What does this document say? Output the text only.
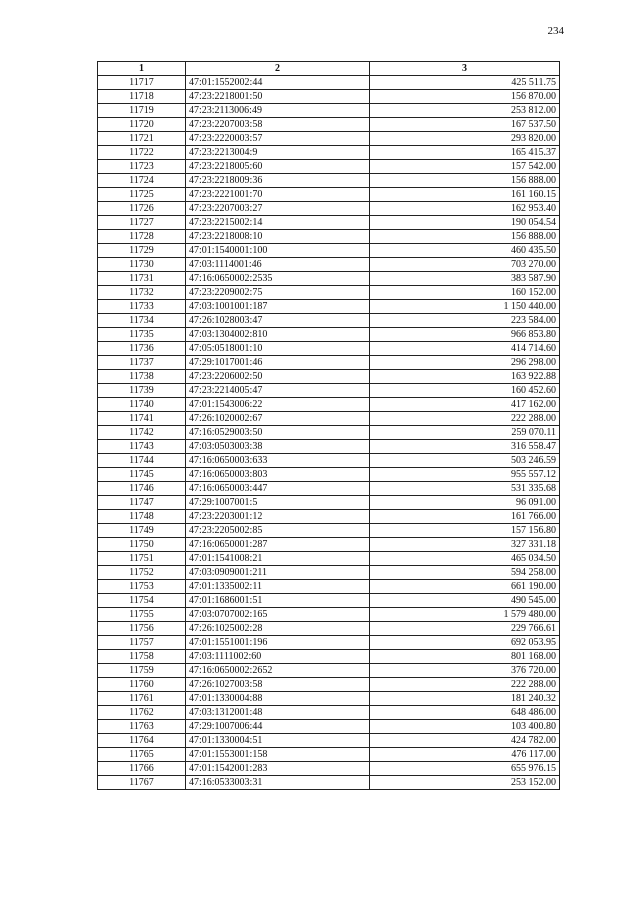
234
1	2	3
11717	47:01:1552002:44	425 511.75
11718	47:23:2218001:50	156 870.00
11719	47:23:2113006:49	253 812.00
11720	47:23:2207003:58	167 537.50
11721	47:23:2220003:57	293 820.00
11722	47:23:2213004:9	165 415.37
11723	47:23:2218005:60	157 542.00
11724	47:23:2218009:36	156 888.00
11725	47:23:2221001:70	161 160.15
11726	47:23:2207003:27	162 953.40
11727	47:23:2215002:14	190 054.54
11728	47:23:2218008:10	156 888.00
11729	47:01:1540001:100	460 435.50
11730	47:03:1114001:46	703 270.00
11731	47:16:0650002:2535	383 587.90
11732	47:23:2209002:75	160 152.00
11733	47:03:1001001:187	1 150 440.00
11734	47:26:1028003:47	223 584.00
11735	47:03:1304002:810	966 853.80
11736	47:05:0518001:10	414 714.60
11737	47:29:1017001:46	296 298.00
11738	47:23:2206002:50	163 922.88
11739	47:23:2214005:47	160 452.60
11740	47:01:1543006:22	417 162.00
11741	47:26:1020002:67	222 288.00
11742	47:16:0529003:50	259 070.11
11743	47:03:0503003:38	316 558.47
11744	47:16:0650003:633	503 246.59
11745	47:16:0650003:803	955 557.12
11746	47:16:0650003:447	531 335.68
11747	47:29:1007001:5	96 091.00
11748	47:23:2203001:12	161 766.00
11749	47:23:2205002:85	157 156.80
11750	47:16:0650001:287	327 331.18
11751	47:01:1541008:21	465 034.50
11752	47:03:0909001:211	594 258.00
11753	47:01:1335002:11	661 190.00
11754	47:01:1686001:51	490 545.00
11755	47:03:0707002:165	1 579 480.00
11756	47:26:1025002:28	229 766.61
11757	47:01:1551001:196	692 053.95
11758	47:03:1111002:60	801 168.00
11759	47:16:0650002:2652	376 720.00
11760	47:26:1027003:58	222 288.00
11761	47:01:1330004:88	181 240.32
11762	47:03:1312001:48	648 486.00
11763	47:29:1007006:44	103 400.80
11764	47:01:1330004:51	424 782.00
11765	47:01:1553001:158	476 117.00
11766	47:01:1542001:283	655 976.15
11767	47:16:0533003:31	253 152.00
